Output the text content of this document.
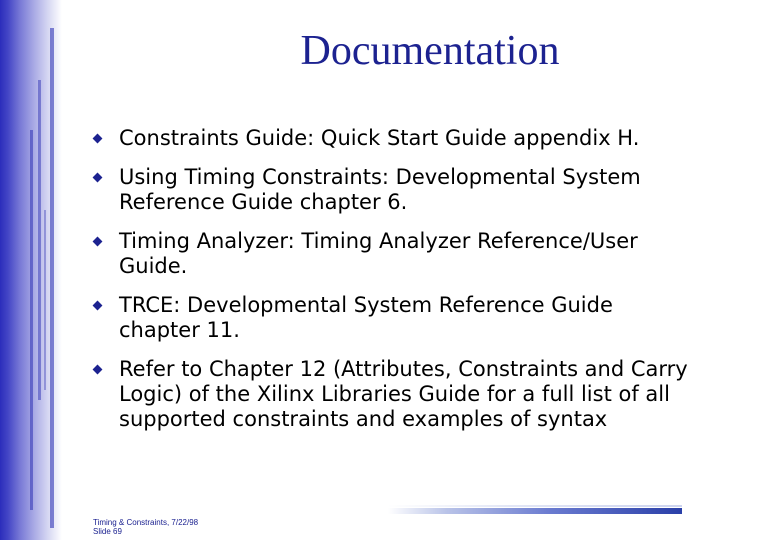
Documentation
Constraints Guide: Quick Start Guide appendix H.
Using Timing Constraints: Developmental System Reference Guide chapter 6.
Timing Analyzer: Timing Analyzer Reference/User Guide.
TRCE: Developmental System Reference Guide chapter 11.
Refer to Chapter 12 (Attributes, Constraints and Carry Logic) of the Xilinx Libraries Guide for a full list of all supported constraints and examples of syntax
Timing & Constraints, 7/22/98
Slide 69
